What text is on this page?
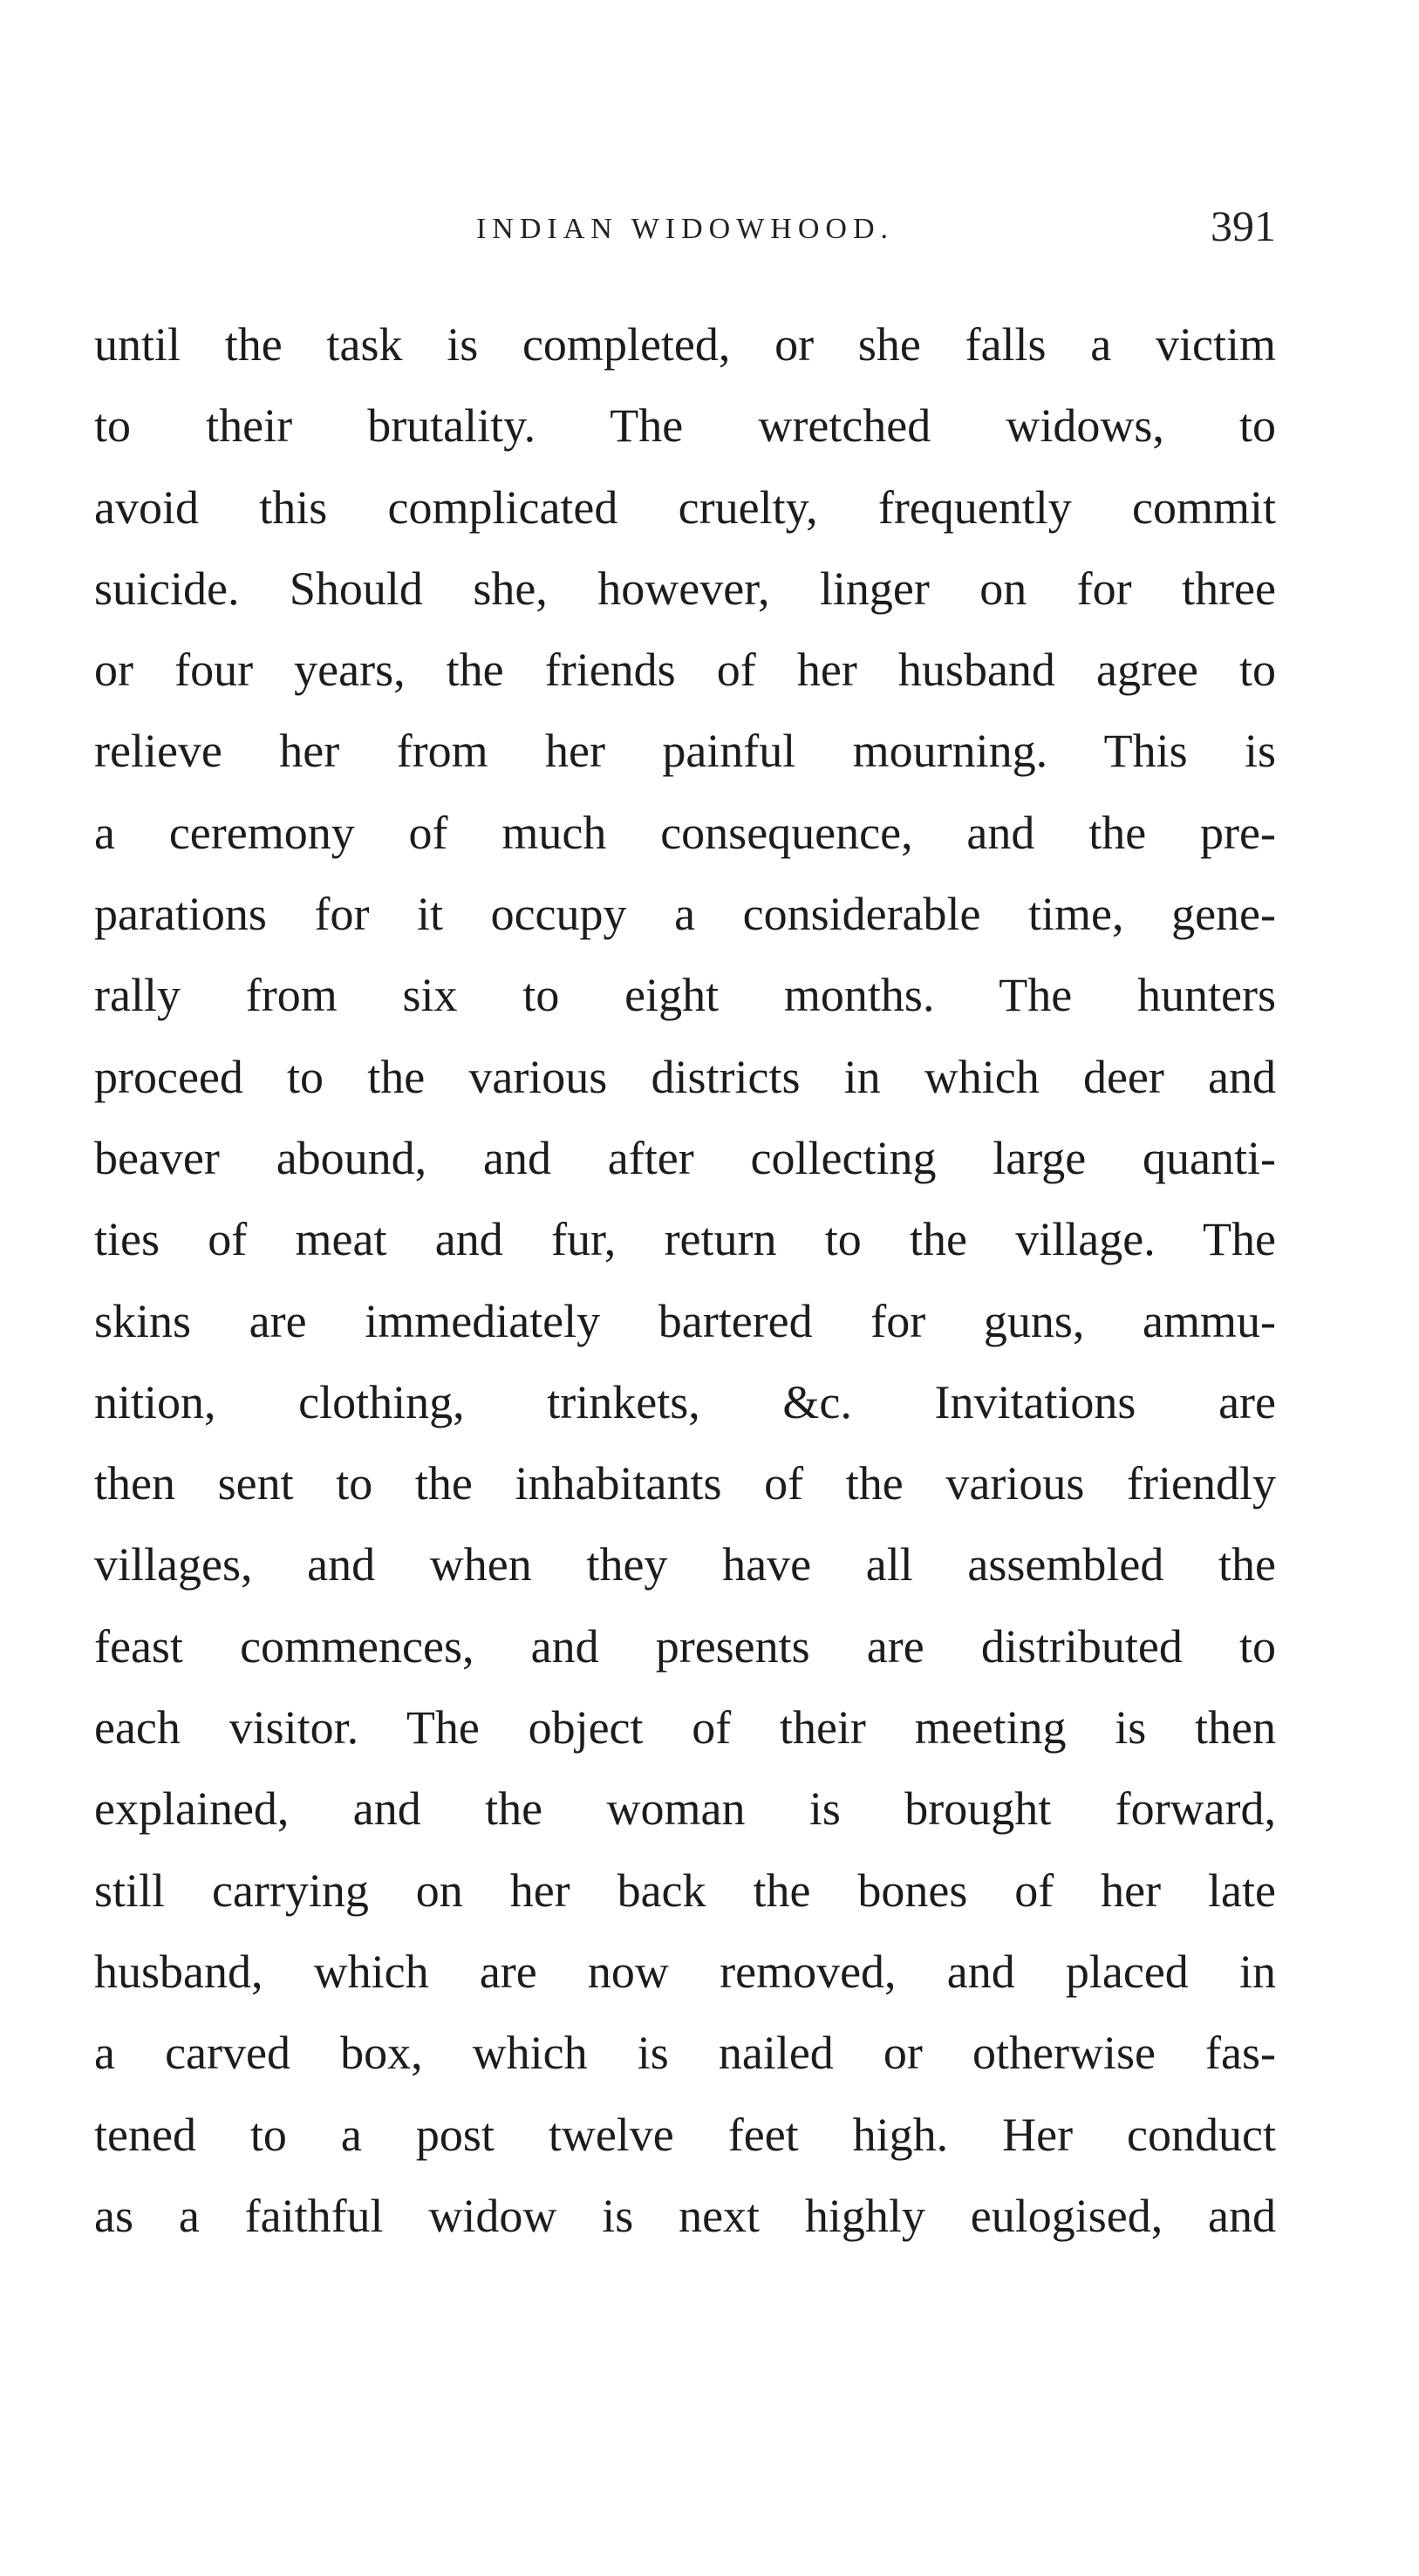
INDIAN WIDOWHOOD.	391
until the task is completed, or she falls a victim
to their brutality. The wretched widows, to
avoid this complicated cruelty, frequently commit
suicide. Should she, however, linger on for three
or four years, the friends of her husband agree to
relieve her from her painful mourning. This is
a ceremony of much consequence, and the pre-
parations for it occupy a considerable time, gene-
rally from six to eight months. The hunters
proceed to the various districts in which deer and
beaver abound, and after collecting large quanti-
ties of meat and fur, return to the village. The
skins are immediately bartered for guns, ammu-
nition, clothing, trinkets, &c. Invitations are
then sent to the inhabitants of the various friendly
villages, and when they have all assembled the
feast commences, and presents are distributed to
each visitor. The object of their meeting is then
explained, and the woman is brought forward,
still carrying on her back the bones of her late
husband, which are now removed, and placed in
a carved box, which is nailed or otherwise fas-
tened to a post twelve feet high. Her conduct
as a faithful widow is next highly eulogised, and
